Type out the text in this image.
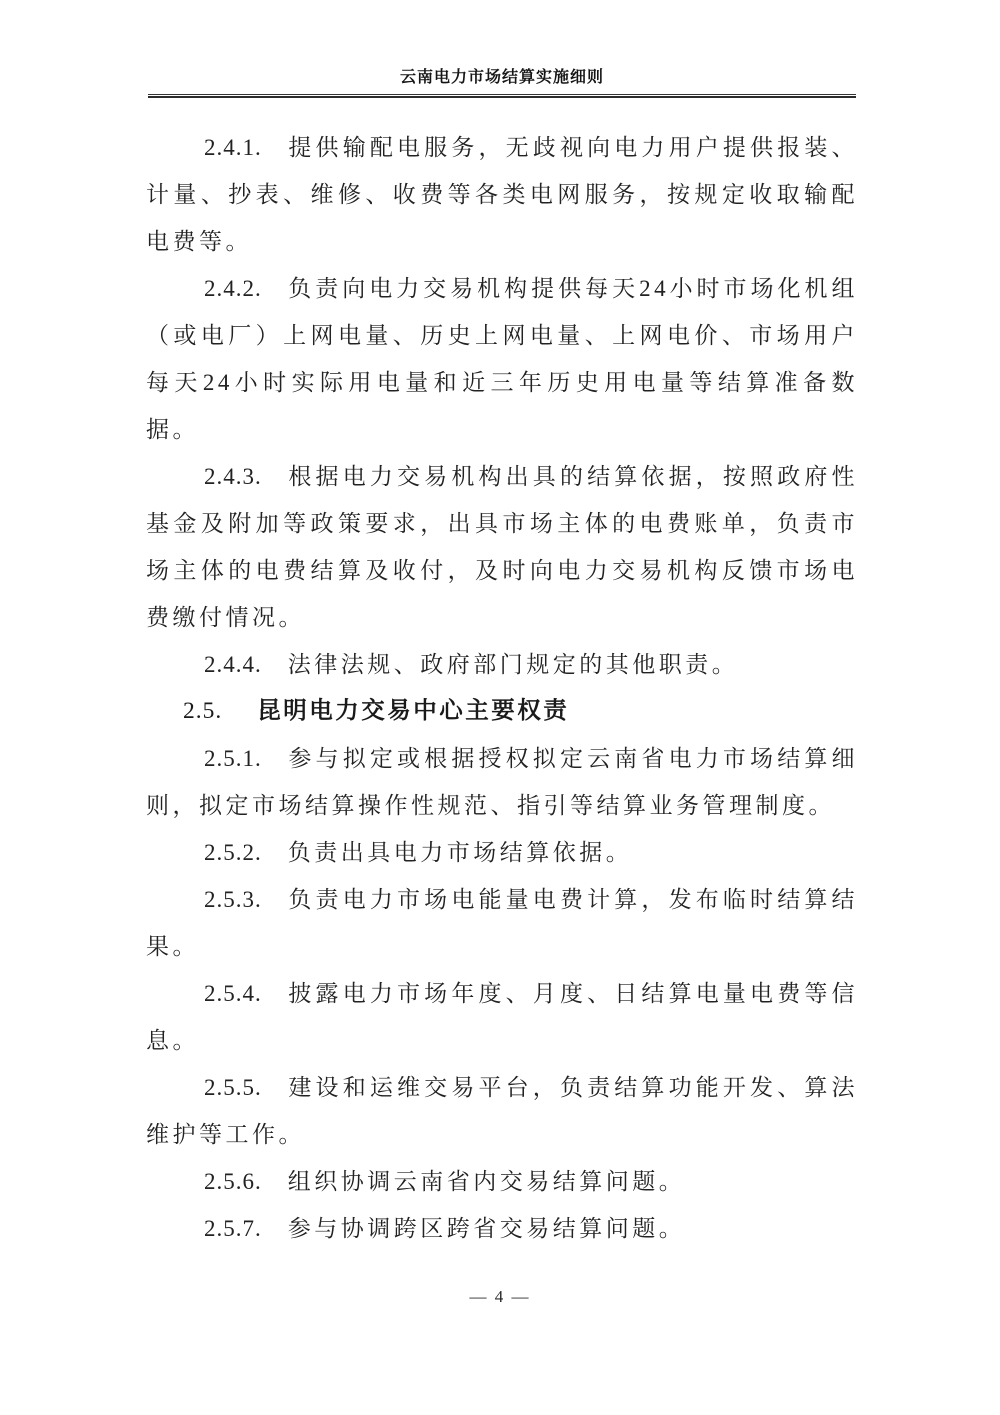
云南电力市场结算实施细则

2.4.1. 提供输配电服务，无歧视向电力用户提供报装、计量、抄表、维修、收费等各类电网服务，按规定收取输配电费等。

2.4.2. 负责向电力交易机构提供每天24小时市场化机组（或电厂）上网电量、历史上网电量、上网电价、市场用户每天24小时实际用电量和近三年历史用电量等结算准备数据。

2.4.3. 根据电力交易机构出具的结算依据，按照政府性基金及附加等政策要求，出具市场主体的电费账单，负责市场主体的电费结算及收付，及时向电力交易机构反馈市场电费缴付情况。

2.4.4. 法律法规、政府部门规定的其他职责。

2.5. 昆明电力交易中心主要权责

2.5.1. 参与拟定或根据授权拟定云南省电力市场结算细则，拟定市场结算操作性规范、指引等结算业务管理制度。

2.5.2. 负责出具电力市场结算依据。

2.5.3. 负责电力市场电能量电费计算，发布临时结算结果。

2.5.4. 披露电力市场年度、月度、日结算电量电费等信息。

2.5.5. 建设和运维交易平台，负责结算功能开发、算法维护等工作。

2.5.6. 组织协调云南省内交易结算问题。

2.5.7. 参与协调跨区跨省交易结算问题。

— 4 —
